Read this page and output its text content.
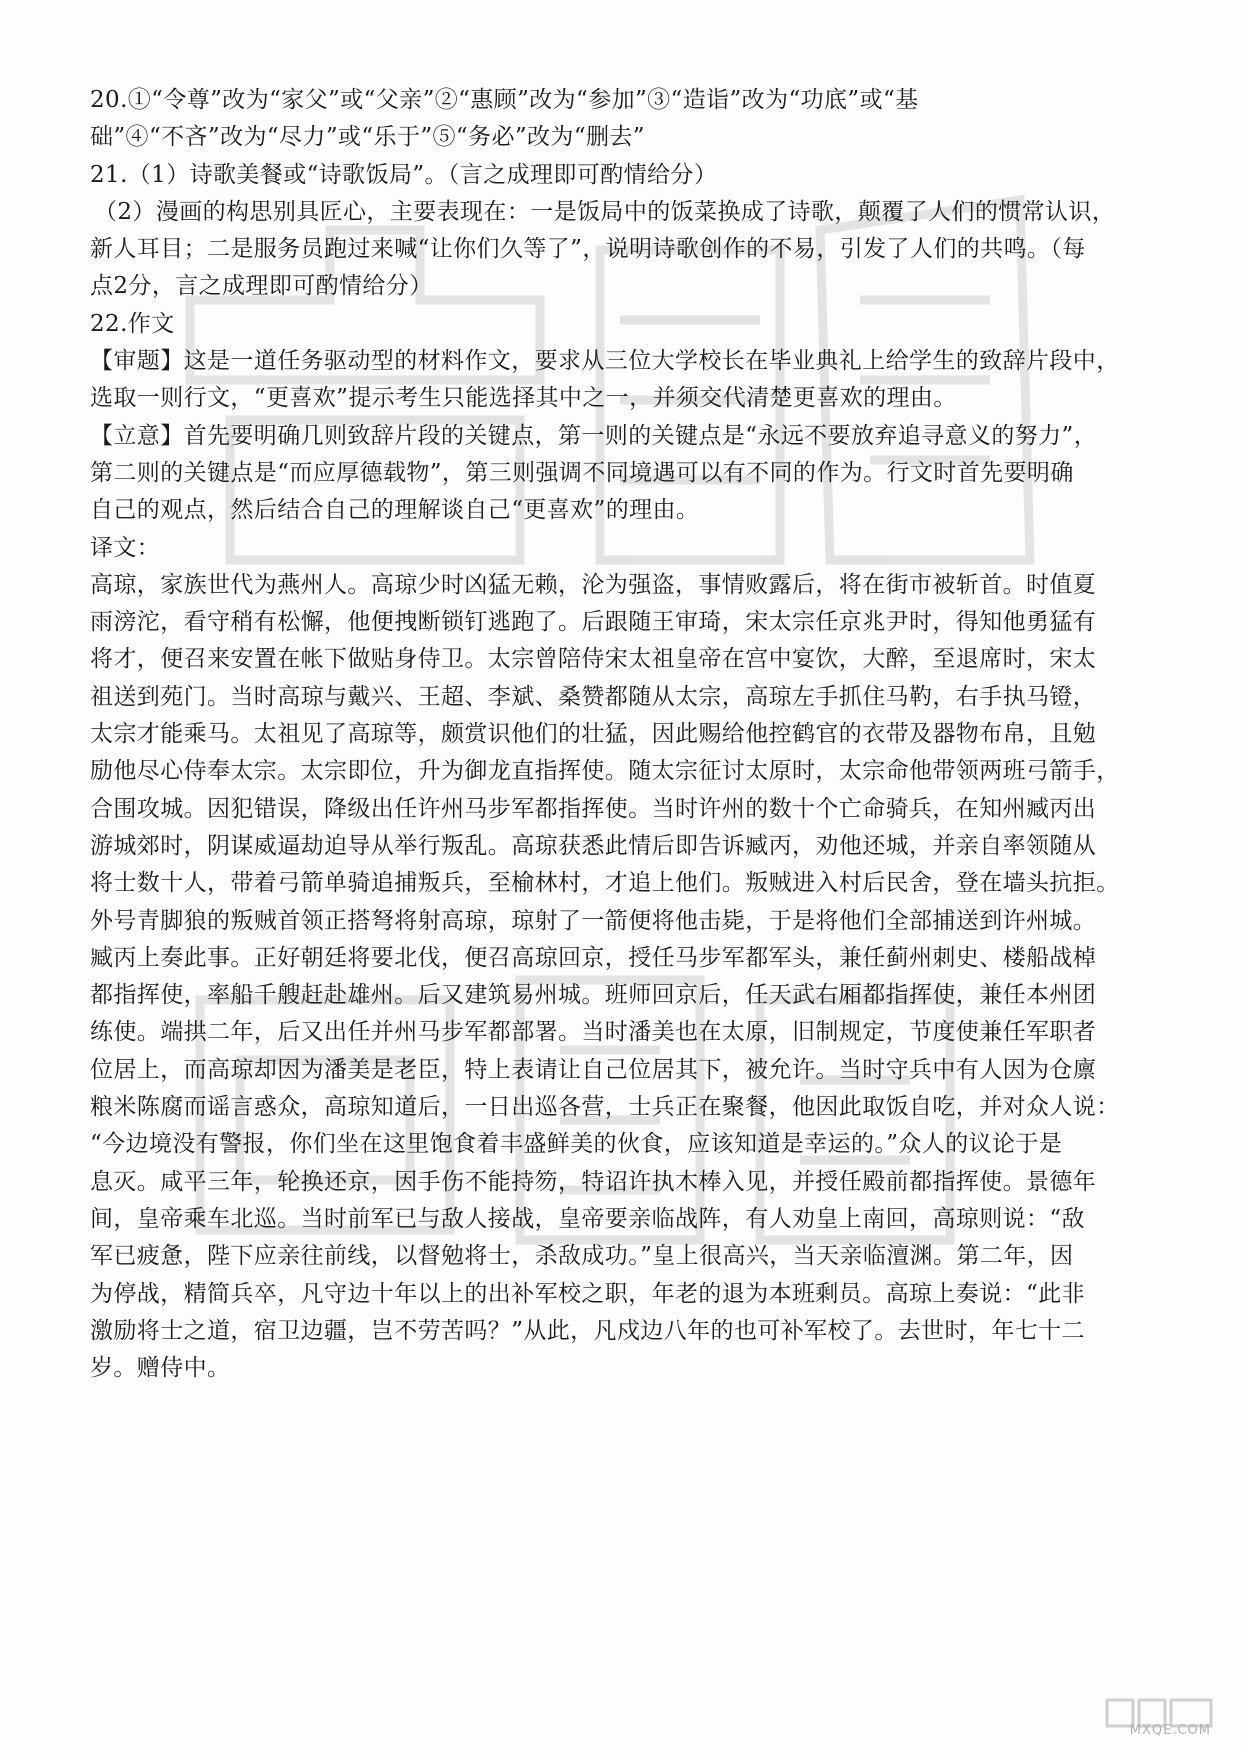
20.①“令尊”改为“家父”或“父亲”②“惠顾”改为“参加”③“造诣”改为“功底”或“基
础”④“不吝”改为“尽力”或“乐于”⑤“务必”改为“删去”
21.（1）诗歌美餐或“诗歌饭局”。（言之成理即可酌情给分）
（2）漫画的构思别具匠心，主要表现在：一是饭局中的饭菜换成了诗歌，颠覆了人们的惯常认识，
新人耳目；二是服务员跑过来喊“让你们久等了”，说明诗歌创作的不易，引发了人们的共鸣。（每
点2分，言之成理即可酌情给分）
22.作文
【审题】这是一道任务驱动型的材料作文，要求从三位大学校长在毕业典礼上给学生的致辞片段中，
选取一则行文，“更喜欢”提示考生只能选择其中之一，并须交代清楚更喜欢的理由。
【立意】首先要明确几则致辞片段的关键点，第一则的关键点是“永远不要放弃追寻意义的努力”，
第二则的关键点是“而应厚德载物”，第三则强调不同境遇可以有不同的作为。行文时首先要明确
自己的观点，然后结合自己的理解谈自己“更喜欢”的理由。
译文：
高琼，家族世代为燕州人。高琼少时凶猛无赖，沦为强盗，事情败露后，将在街市被斩首。时值夏
雨滂沱，看守稍有松懈，他便拽断锁钉逃跑了。后跟随王审琦，宋太宗任京兆尹时，得知他勇猛有
将才，便召来安置在帐下做贴身侍卫。太宗曾陪侍宋太祖皇帝在宫中宴饮，大醉，至退席时，宋太
祖送到苑门。当时高琼与戴兴、王超、李斌、桑赞都随从太宗，高琼左手抓住马靮，右手执马镫，
太宗才能乘马。太祖见了高琼等，颇赏识他们的壮猛，因此赐给他控鹤官的衣带及器物布帛，且勉
励他尽心侍奉太宗。太宗即位，升为御龙直指挥使。随太宗征讨太原时，太宗命他带领两班弓箭手，
合围攻城。因犯错误，降级出任许州马步军都指挥使。当时许州的数十个亡命骑兵，在知州臧丙出
游城郊时，阴谋威逼劫迫导从举行叛乱。高琼获悉此情后即告诉臧丙，劝他还城，并亲自率领随从
将士数十人，带着弓箭单骑追捕叛兵，至榆林村，才追上他们。叛贼进入村后民舍，登在墙头抗拒。
外号青脚狼的叛贼首领正搭弩将射高琼，琼射了一箭便将他击毙，于是将他们全部捕送到许州城。
臧丙上奏此事。正好朝廷将要北伐，便召高琼回京，授任马步军都军头，兼任蓟州刺史、楼船战棹
都指挥使，率船千艘赶赴雄州。后又建筑易州城。班师回京后，任天武右厢都指挥使，兼任本州团
练使。端拱二年，后又出任并州马步军都部署。当时潘美也在太原，旧制规定，节度使兼任军职者
位居上，而高琼却因为潘美是老臣，特上表请让自己位居其下，被允许。当时守兵中有人因为仓廪
粮米陈腐而谣言惑众，高琼知道后，一日出巡各营，士兵正在聚餐，他因此取饭自吃，并对众人说：
“今边境没有警报，你们坐在这里饱食着丰盛鲜美的伙食，应该知道是幸运的。”众人的议论于是
息灭。咸平三年，轮换还京，因手伤不能持笏，特诏许执木棒入见，并授任殿前都指挥使。景德年
间，皇帝乘车北巡。当时前军已与敌人接战，皇帝要亲临战阵，有人劝皇上南回，高琼则说：“敌
军已疲惫，陛下应亲往前线，以督勉将士，杀敌成功。”皇上很高兴，当天亲临澶渊。第二年，因
为停战，精简兵卒，凡守边十年以上的出补军校之职，年老的退为本班剩员。高琼上奏说：“此非
激励将士之道，宿卫边疆，岂不劳苦吗？”从此，凡戍边八年的也可补军校了。去世时，年七十二
岁。赠侍中。
MXQE.COM
